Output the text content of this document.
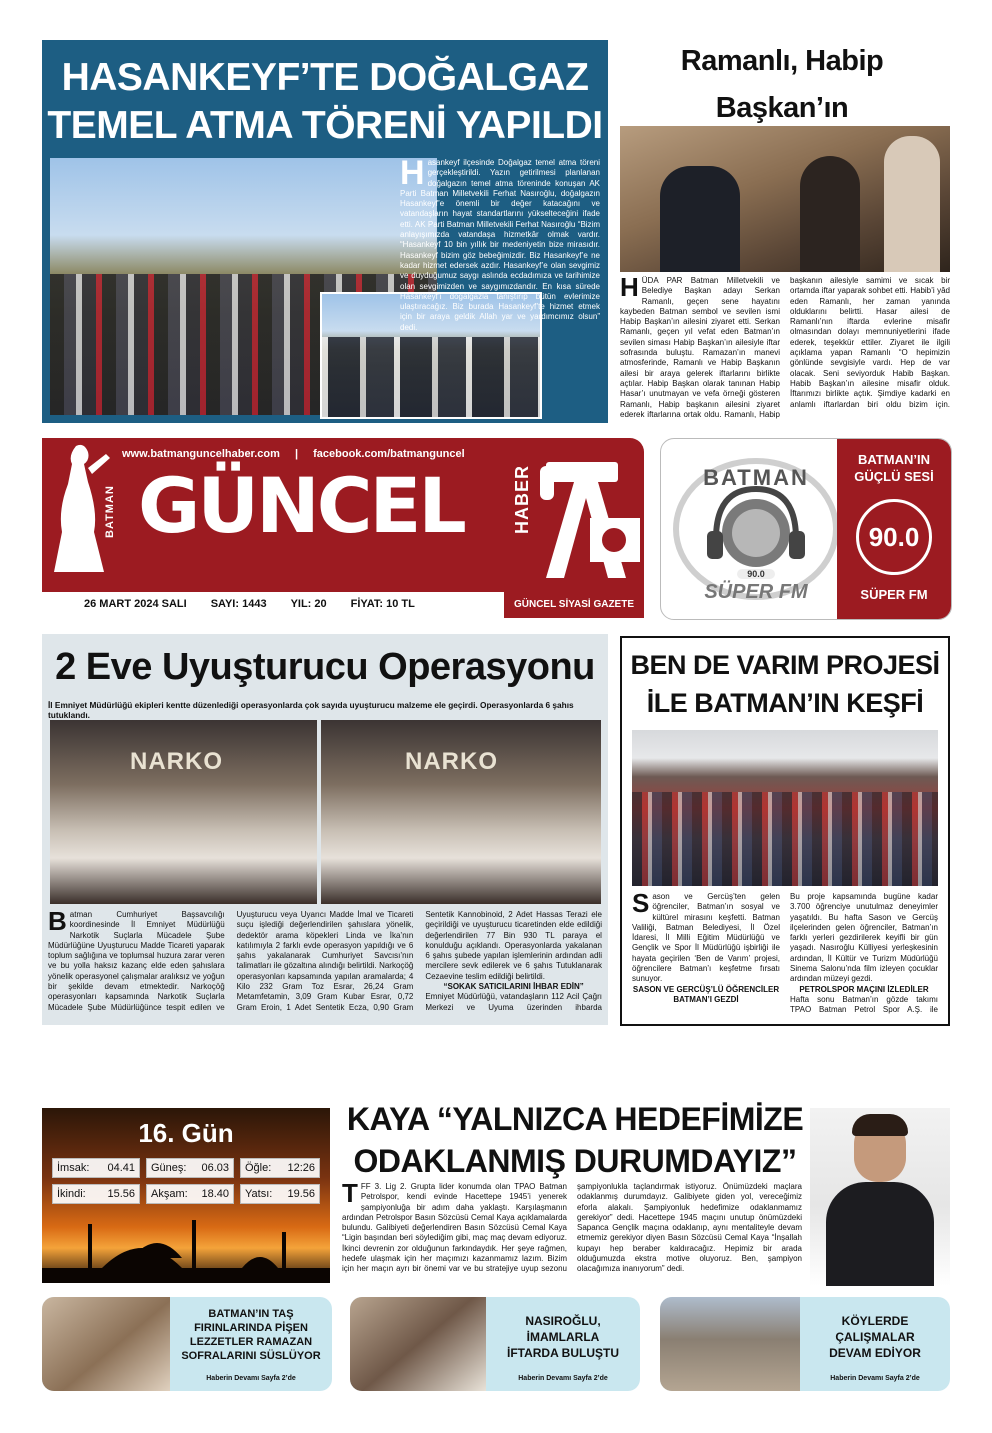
HASANKEYF’TE DOĞALGAZ
TEMEL ATMA TÖRENİ YAPILDI
H asankeyf ilçesinde Doğalgaz temel atma töreni gerçekleştirildi. Yazın getirilmesi planlanan doğalgazın temel atma töreninde konuşan AK Parti Batman Milletvekili Ferhat Nasıroğlu, doğalgazın Hasankeyf’e önemli bir değer katacağını ve vatandaşların hayat standartlarını yükselteceğini ifade etti. AK Parti Batman Milletvekili Ferhat Nasıroğlu “Bizim anlayışımızda vatandaşa hizmetkâr olmak vardır. “Hasankeyf 10 bin yıllık bir medeniyetin bize mirasıdır. Hasankeyf bizim göz bebeğimizdir. Biz Hasankeyf’e ne kadar hizmet edersek azdır. Hasankeyf’e olan sevgimiz ve duyduğumuz saygı aslında ecdadımıza ve tarihimize olan sevgimizden ve saygımızdandır. En kısa sürede Hasankeyf’i doğalgazla tanıştırıp bütün evlerimize ulaştıracağız. Biz burada Hasankeyf’te hizmet etmek için bir araya geldik Allah yar ve yardımcımız olsun” dedi.
Ramanlı, Habip Başkan’ın
H ÜDA PAR Batman Milletvekili ve Belediye Başkan adayı Serkan Ramanlı, geçen sene hayatını kaybeden Batman sembol ve sevilen ismi Habip Başkan’ın ailesini ziyaret etti. Serkan Ramanlı, geçen yıl vefat eden Batman’ın sevilen siması Habip Başkan’ın ailesiyle iftar sofrasında buluştu. Ramazan’ın manevi atmosferinde, Ramanlı ve Habip Başkanın ailesi bir araya gelerek iftarlarını birlikte açtılar. Habip Başkan olarak tanınan Habip Hasar’ı unutmayan ve vefa örneği gösteren Ramanlı, Habip başkanın ailesini ziyaret ederek iftarlarına ortak oldu. Ramanlı, Habip başkanın ailesiyle samimi ve sıcak bir ortamda iftar yaparak sohbet etti. Habib’i yâd eden Ramanlı, her zaman yanında olduklarını belirtti. Hasar ailesi de Ramanlı’nın iftarda evlerine misafir olmasından dolayı memnuniyetlerini ifade ederek, teşekkür ettiler. Ziyaret ile ilgili açıklama yapan Ramanlı “O hepimizin gönlünde sevgisiyle vardı. Hep de var olacak. Seni seviyorduk Habib Başkan. Habib Başkan’ın ailesine misafir olduk. İftarımızı birlikte açtık. Şimdiye kadarki en anlamlı iftarlardan biri oldu bizim için.
www.batmanguncelhaber.com | facebook.com/batmanguncel
BATMAN GÜNCEL	HABER
26 MART 2024 SALI SAYI: 1443 YIL: 20 FİYAT: 10 TL	GÜNCEL SİYASİ GAZETE
BATMAN
90.0
SÜPER FM
BATMAN’IN
GÜÇLÜ SESİ
90.0
SÜPER FM
2 Eve Uyuşturucu Operasyonu
İl Emniyet Müdürlüğü ekipleri kentte düzenlediği operasyonlarda çok sayıda uyuşturucu malzeme ele geçirdi. Operasyonlarda 6 şahıs tutuklandı.
NARKO	NARKO
B atman Cumhuriyet Başsavcılığı koordinesinde İl Emniyet Müdürlüğü Narkotik Suçlarla Mücadele Şube Müdürlüğüne Uyuşturucu Madde Ticareti yaparak toplum sağlığına ve toplumsal huzura zarar veren ve bu yolla haksız kazanç elde eden şahıslara yönelik operasyonel çalışmalar aralıksız ve yoğun bir şekilde devam etmektedir. Narkoçöğ operasyonları kapsamında Narkotik Suçlarla Mücadele Şube Müdürlüğünce tespit edilen ve Uyuşturucu veya Uyarıcı Madde İmal ve Ticareti suçu işlediği değerlendirilen şahıslara yönelik, dedektör arama köpekleri Linda ve İka’nın katılımıyla 2 farklı evde operasyon yapıldığı ve 6 şahıs yakalanarak Cumhuriyet Savcısı’nın talimatları ile gözaltına alındığı belirtildi. Narkoçöğ operasyonları kapsamında yapılan aramalarda; 4 Kilo 232 Gram Toz Esrar, 26,24 Gram Metamfetamin, 3,09 Gram Kubar Esrar, 0,72 Gram Eroin, 1 Adet Sentetik Ecza, 0,90 Gram Sentetik Kannobinoid, 2 Adet Hassas Terazi ele geçirildiği ve uyuşturucu ticaretinden elde edildiği değerlendirilen 77 Bin 930 TL paraya el konulduğu açıklandı. Operasyonlarda yakalanan 6 şahıs şubede yapılan işlemlerinin ardından adli mercilere sevk edilerek ve 6 şahıs Tutuklanarak Cezaevine teslim edildiği belirtildi.
“SOKAK SATICILARINI İHBAR EDİN”
Emniyet Müdürlüğü, vatandaşların 112 Acil Çağrı Merkezi ve Uyuma üzerinden ihbarda
BEN DE VARIM PROJESİ
İLE BATMAN’IN KEŞFİ
S ason ve Gercüş’ten gelen öğrenciler, Batman’ın sosyal ve kültürel mirasını keşfetti. Batman Valiliği, Batman Belediyesi, İl Özel İdaresi, İl Milli Eğitim Müdürlüğü ve Gençlik ve Spor İl Müdürlüğü işbirliği ile hayata geçirilen ‘Ben de Varım’ projesi, öğrencilere Batman’ı keşfetme fırsatı sunuyor.
SASON VE GERCÜŞ’LÜ ÖĞRENCİLER BATMAN’I GEZDİ
Bu proje kapsamında bugüne kadar 3.700 öğrenciye unutulmaz deneyimler yaşatıldı. Bu hafta Sason ve Gercüş ilçelerinden gelen öğrenciler, Batman’ın farklı yerleri gezdirilerek keyifli bir gün yaşadı. Nasıroğlu Külliyesi yerleşkesinin ardından, İl Kültür ve Turizm Müdürlüğü Sinema Salonu’nda film izleyen çocuklar ardından müzeyi gezdi.
PETROLSPOR MAÇINI İZLEDİLER
Hafta sonu Batman’ın gözde takımı TPAO Batman Petrol Spor A.Ş. ile
16. Gün
İmsak: 04.41 Güneş: 06.03 Öğle: 12:26
İkindi: 15.56 Akşam: 18.40 Yatsı: 19.56
KAYA “YALNIZCA HEDEFİMİZE
ODAKLANMIŞ DURUMDAYIZ”
T FF 3. Lig 2. Grupta lider konumda olan TPAO Batman Petrolspor, kendi evinde Hacettepe 1945’i yenerek şampiyonluğa bir adım daha yaklaştı. Karşılaşmanın ardından Petrolspor Basın Sözcüsü Cemal Kaya açıklamalarda bulundu. Galibiyeti değerlendiren Basın Sözcüsü Cemal Kaya “Ligin başından beri söylediğim gibi, maç maç devam ediyoruz. İkinci devrenin zor olduğunun farkındaydık. Her şeye rağmen, hedefe ulaşmak için her maçımızı kazanmamız lazım. Bizim için her maçın ayrı bir önemi var ve bu stratejiye uyup sezonu şampiyonlukla taçlandırmak istiyoruz. Önümüzdeki maçlara odaklanmış durumdayız. Galibiyete giden yol, vereceğimiz eforla alakalı. Şampiyonluk hedefimize odaklanmamız gerekiyor” dedi. Hacettepe 1945 maçını unutup önümüzdeki Sapanca Gençlik maçına odaklanıp, aynı mentaliteyle devam etmemiz gerekiyor diyen Basın Sözcüsü Cemal Kaya “İnşallah kupayı hep beraber kaldıracağız. Hepimiz bir arada olduğumuzda ekstra motive oluyoruz. Ben, şampiyon olacağımıza inanıyorum” dedi.
BATMAN’IN TAŞ
FIRINLARINDA PİŞEN
LEZZETLER RAMAZAN
SOFRALARINI SÜSLÜYOR
Haberin Devamı Sayfa 2’de
NASIROĞLU,
İMAMLARLA
İFTARDA BULUŞTU
Haberin Devamı Sayfa 2’de
KÖYLERDE
ÇALIŞMALAR
DEVAM EDİYOR
Haberin Devamı Sayfa 2’de
